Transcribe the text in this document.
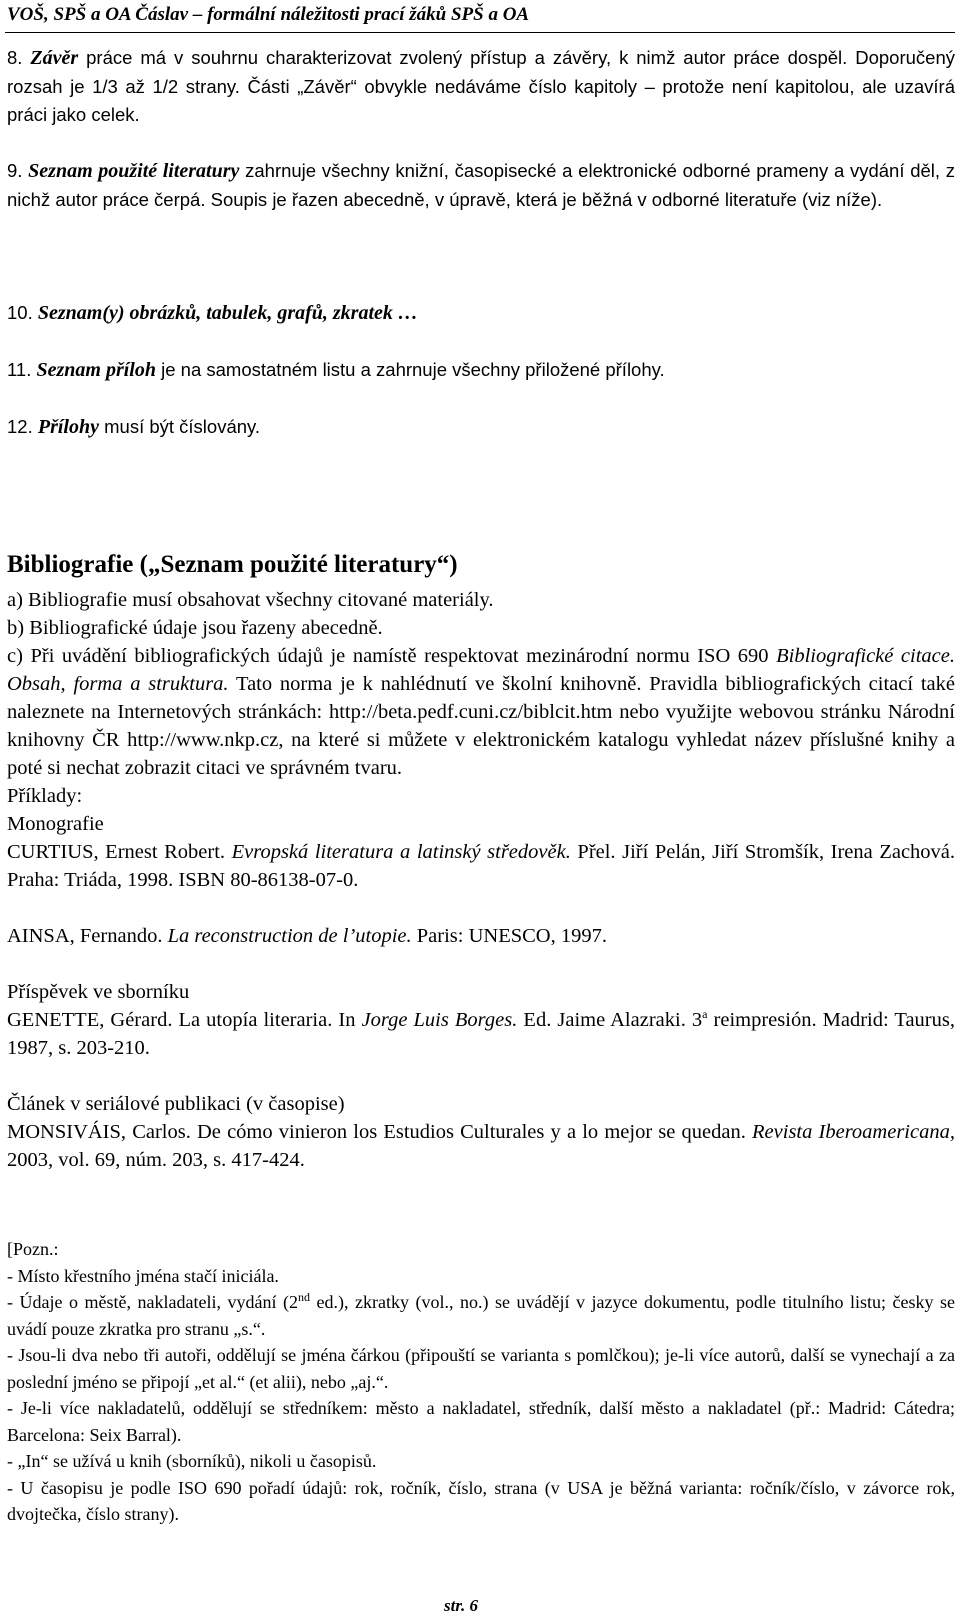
VOŠ, SPŠ a OA Čáslav – formální náležitosti prací žáků SPŠ a OA

8. Závěr práce má v souhrnu charakterizovat zvolený přístup a závěry, k nimž autor práce dospěl. Doporučený rozsah je 1/3 až 1/2 strany. Části „Závěr“ obvykle nedáváme číslo kapitoly – protože není kapitolou, ale uzavírá práci jako celek.

9. Seznam použité literatury zahrnuje všechny knižní, časopisecké a elektronické odborné prameny a vydání děl, z nichž autor práce čerpá. Soupis je řazen abecedně, v úpravě, která je běžná v odborné literatuře (viz níže).

10. Seznam(y) obrázků, tabulek, grafů, zkratek …

11. Seznam příloh je na samostatném listu a zahrnuje všechny přiložené přílohy.

12. Přílohy musí být číslovány.

Bibliografie („Seznam použité literatury“)

a) Bibliografie musí obsahovat všechny citované materiály.

b) Bibliografické údaje jsou řazeny abecedně.

c) Při uvádění bibliografických údajů je namístě respektovat mezinárodní normu ISO 690 Bibliografické citace. Obsah, forma a struktura. Tato norma je k nahlédnutí ve školní knihovně. Pravidla bibliografických citací také naleznete na Internetových stránkách: http://beta.pedf.cuni.cz/biblcit.htm nebo využijte webovou stránku Národní knihovny ČR http://www.nkp.cz, na které si můžete v elektronickém katalogu vyhledat název příslušné knihy a poté si nechat zobrazit citaci ve správném tvaru.

Příklady:

Monografie

CURTIUS, Ernest Robert. Evropská literatura a latinský středověk. Přel. Jiří Pelán, Jiří Stromšík, Irena Zachová. Praha: Triáda, 1998. ISBN 80-86138-07-0.

AINSA, Fernando. La reconstruction de l’utopie. Paris: UNESCO, 1997.

Příspěvek ve sborníku

GENETTE, Gérard. La utopía literaria. In Jorge Luis Borges. Ed. Jaime Alazraki. 3$^a$ reimpresión. Madrid: Taurus, 1987, s. 203-210.

Článek v seriálové publikaci (v časopise)

MONSIVÁIS, Carlos. De cómo vinieron los Estudios Culturales y a lo mejor se quedan. Revista Iberoamericana, 2003, vol. 69, núm. 203, s. 417-424.

[Pozn.:

- Místo křestního jména stačí iniciála.

- Údaje o městě, nakladateli, vydání (2nd ed.), zkratky (vol., no.) se uvádějí v jazyce dokumentu, podle titulního listu; česky se uvádí pouze zkratka pro stranu „s.“.

- Jsou-li dva nebo tři autoři, oddělují se jména čárkou (připouští se varianta s pomlčkou); je-li více autorů, další se vynechají a za poslední jméno se připojí „et al.“ (et alii), nebo „aj.“.

- Je-li více nakladatelů, oddělují se středníkem: město a nakladatel, středník, další město a nakladatel (př.: Madrid: Cátedra; Barcelona: Seix Barral).

- „In“ se užívá u knih (sborníků), nikoli u časopisů.

- U časopisu je podle ISO 690 pořadí údajů: rok, ročník, číslo, strana (v USA je běžná varianta: ročník/číslo, v závorce rok, dvojtečka, číslo strany).

str. 6
